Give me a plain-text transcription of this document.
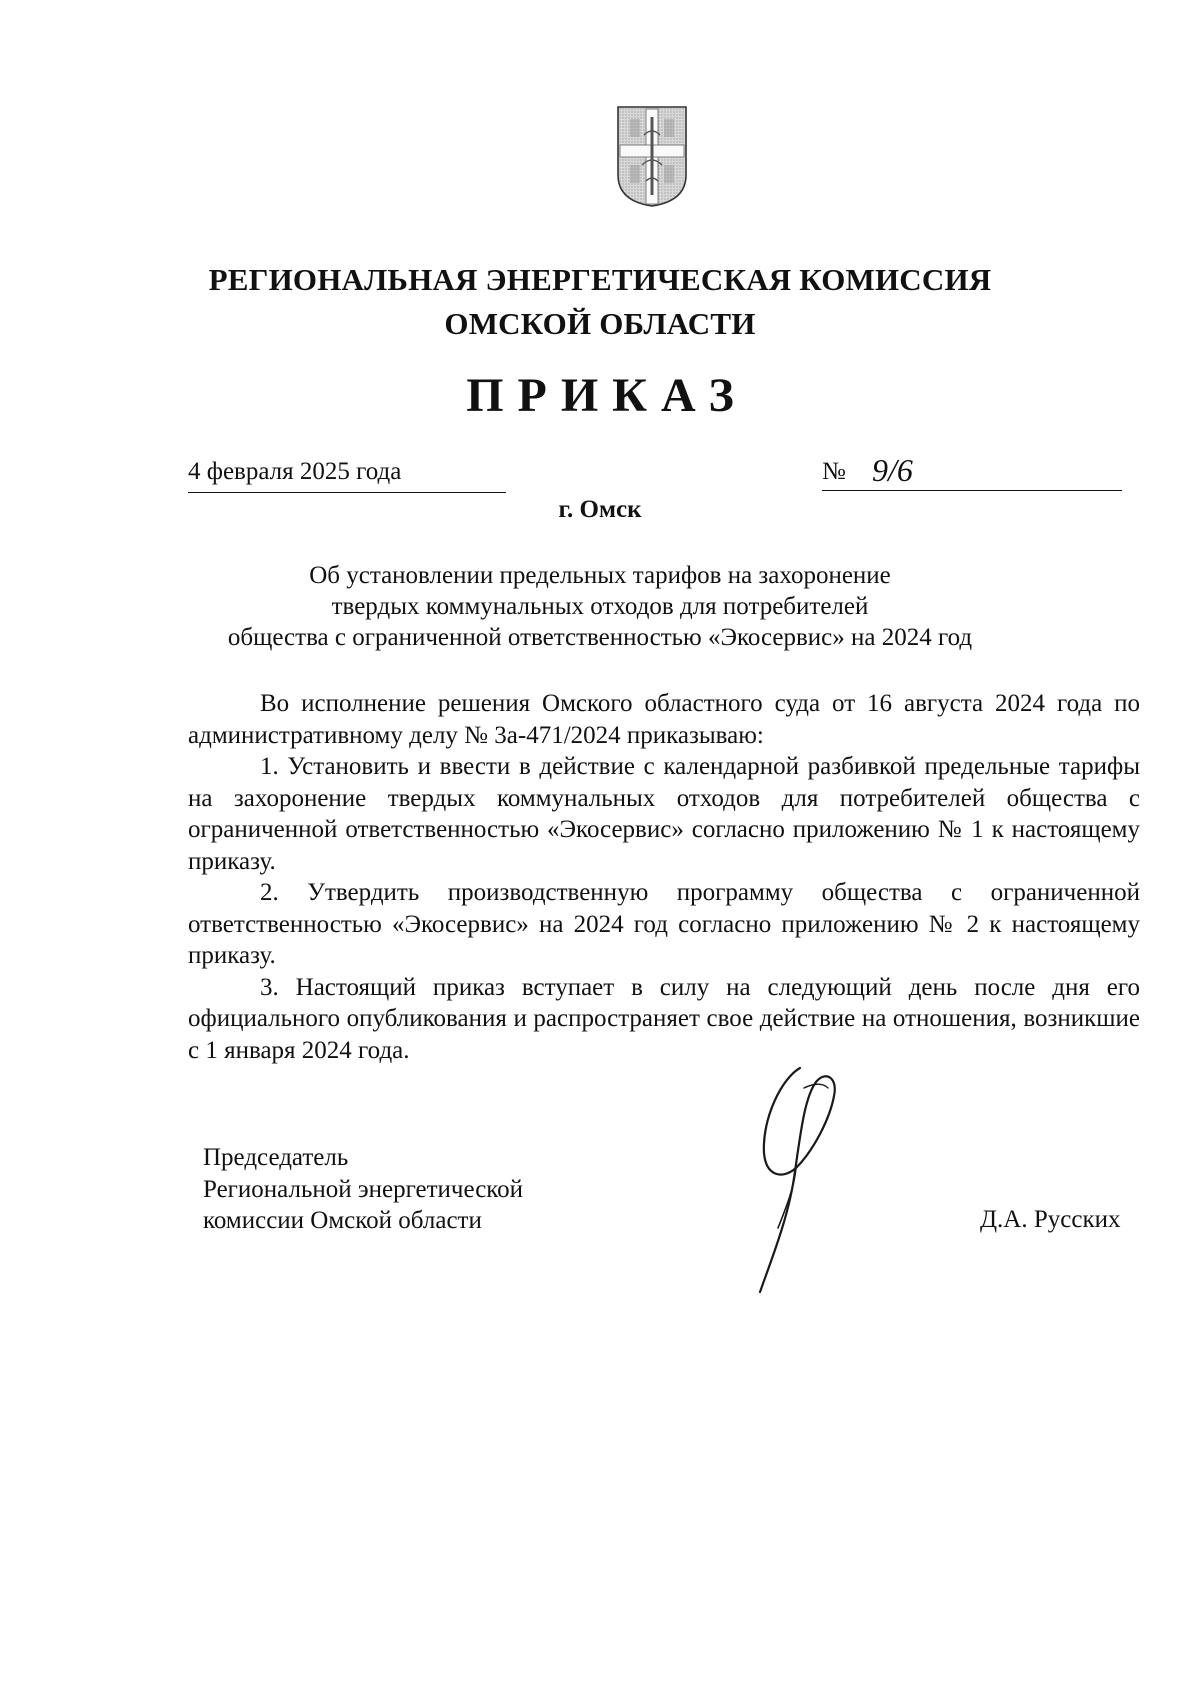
РЕГИОНАЛЬНАЯ ЭНЕРГЕТИЧЕСКАЯ КОМИССИЯ
ОМСКОЙ ОБЛАСТИ
ПРИКАЗ
4 февраля 2025 года	№ 9/6
г. Омск
Об установлении предельных тарифов на захоронение
твердых коммунальных отходов для потребителей
общества с ограниченной ответственностью «Экосервис» на 2024 год

Во исполнение решения Омского областного суда от 16 августа 2024 года по административному делу № 3а-471/2024 приказываю:

1. Установить и ввести в действие с календарной разбивкой предельные тарифы на захоронение твердых коммунальных отходов для потребителей общества с ограниченной ответственностью «Экосервис» согласно приложению № 1 к настоящему приказу.

2. Утвердить производственную программу общества с ограниченной ответственностью «Экосервис» на 2024 год согласно приложению № 2 к настоящему приказу.

3. Настоящий приказ вступает в силу на следующий день после дня его официального опубликования и распространяет свое действие на отношения, возникшие с 1 января 2024 года.

Председатель
Региональной энергетической
комиссии Омской области	Д.А. Русских
